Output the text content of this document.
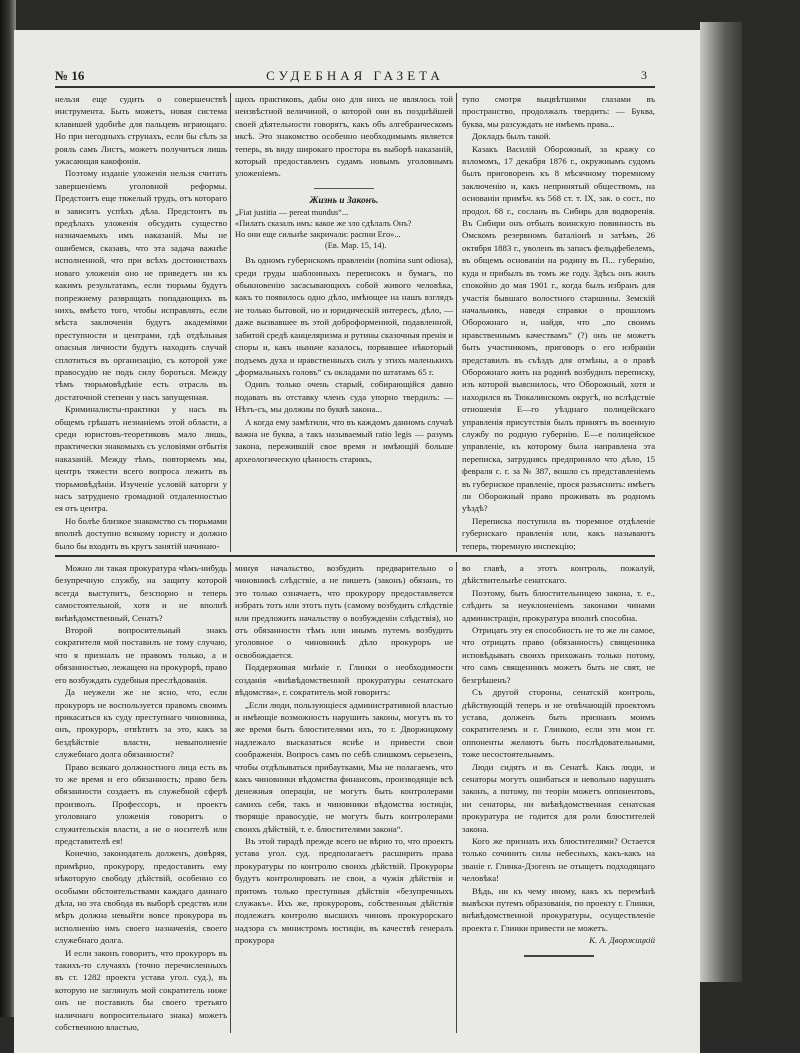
№ 16	СУДЕБНАЯ ГАЗЕТА	3

нельзя еще судить о совершенствѣ инструмента. Быть можетъ, новая система клавишей удобнѣе для пальцевъ играющаго. Но при негодныхъ струнахъ, если бы сѣлъ за рояль самъ Листъ, можетъ получиться лишь ужасающая какофонія.

Поэтому изданіе уложенія нельзя считать завершеніемъ уголовной реформы. Предстоитъ еще тяжелый трудъ, отъ котораго и зависитъ успѣхъ дѣла. Предстоитъ въ предѣлахъ уложенія обсудить существо назначаемыхъ имъ наказаній. Мы не ошибемся, сказавъ, что эта задача важнѣе исполненной, что при всѣхъ достоинствахъ новаго уложенія оно не приведетъ ни къ какимъ результатамъ, если тюрьмы будутъ попрежнему развращать попадающихъ въ нихъ, вмѣсто того, чтобы исправлять, если мѣста заключенія будутъ академіями преступности и центрами, гдѣ отдѣльныя опасныя личности будутъ находить случай сплотиться въ организацію, съ которой уже правосудію не подъ силу бороться. Между тѣмъ тюрьмовѣдѣніе есть отрасль въ достаточной степени у насъ запущенная.

Криминалисты-практики у насъ въ общемъ грѣшатъ незнаніемъ этой области, а среди юристовъ-теоретиковъ мало лишь, практически знакомыхъ съ условіями отбытія наказаній. Между тѣмъ, повторяемъ мы, центръ тяжести всего вопроса лежитъ въ тюрьмовѣдѣніи. Изученіе условій каторги у насъ затруднено громадной отдаленностью ея отъ центра.

Но болѣе близкое знакомство съ тюрьмами вполнѣ доступно всякому юристу и должно было бы входить въ кругъ занятій начинаю-

щихъ практиковъ, дабы оно для нихъ не являлось той неизвѣстной величиной, о которой они въ позднѣйшей своей дѣятельности говорятъ, какъ объ алгебраическомъ иксѣ. Это знакомство особенно необходимымъ является теперь, въ виду широкаго простора въ выборѣ наказаній, который предоставленъ судамъ новымъ уголовнымъ уложеніемъ.

Жизнь и Законъ.

„Fiat justitia — pereat mundus“...

«Пилатъ сказалъ имъ: какое же зло сдѣлалъ Онъ?

Но они еще сильнѣе закричали: распни Его»...

(Ев. Мар. 15, 14).

Въ одномъ губернскомъ правленіи (nomina sunt odiosa), среди груды шаблонныхъ переписокъ и бумагъ, по обыкновенію засасывающихъ собой живого человѣка, какъ то появилось одно дѣло, имѣющее на нашъ взглядъ не только бытовой, но и юридическій интересъ, дѣло, — даже вызвавшее въ этой доброформенной, подавленной, забитой средѣ канцеляризма и рутины сказочныя пренія и споры и, какъ ныньче казалось, порвавшее нѣкоторый подъемъ духа и нравственныхъ силъ у этихъ маленькихъ „формальныхъ головъ“ съ окладами по штатамъ 65 г.

Одинъ только очень старый, собирающійся давно подавать въ отставку членъ суда упорно твердилъ: — Нѣтъ-съ, мы должны по буквѣ закона...

А когда ему замѣтили, что въ каждомъ данномъ случаѣ важна не буква, а такъ называемый ratio legis — разумъ закона, пережившій свое время и имѣющій больше археологическую цѣнность старикъ,

тупо смотря выцвѣтшими глазами въ пространство, продолжалъ твердить: — Буква, буква, мы разсуждать не имѣемъ права...

Докладъ былъ такой.

Казакъ Василій Оборожный, за кражу со взломомъ, 17 декабря 1876 г., окружнымъ судомъ былъ приговоренъ къ 8 мѣсячному тюремному заключенію и, какъ непринятый обществомъ, на основаніи примѣч. къ 568 ст. т. IX, зак. о сост., по продол. 68 г., сосланъ въ Сибирь для водворенія. Въ Сибири онъ отбылъ воинскую повинность въ Омскомъ резервномъ баталіонѣ и затѣмъ, 26 октября 1883 г., уволенъ въ запасъ фельдфебелемъ, въ общемъ основаніи на родину въ П... губернію, куда и прибылъ въ томъ же году. Здѣсь онъ жилъ спокойно до мая 1901 г., когда былъ избранъ для участія бывшаго волостного старшины. Земскій начальникъ, наведя справки о прошломъ Оборожнаго и, найдя, что „по своимъ нравственнымъ качествамъ“ (?) онъ не можетъ быть участникомъ, приговоръ о его избраніи представилъ въ съѣздъ для отмѣны, а о правѣ Оборожнаго жить на родинѣ возбудилъ переписку, изъ которой выяснилось, что Оборожный, хотя и находился въ Тюкалинскомъ округѣ, но вслѣдствіе отношенія Е—го уѣзднаго полицейскаго управленія присутствія былъ принятъ въ военную службу по родную губернію. Е—е полицейское управленіе, къ которому была направлена эта переписка, затруднясь предприняло что дѣло, 15 февраля с. г. за № 387, вошло съ представленіемъ въ губернское правленіе, прося разъяснить: имѣетъ ли Оборожный право проживать въ родномъ уѣздѣ?

Переписка поступила въ тюремное отдѣленіе губернскаго правленія или, какъ называютъ теперь, тюремную инспекцію;

Можно ли такая прокуратура чѣмъ-нибудь безупречную службу, на защиту которой всегда выступитъ, безспорно и теперь самостоятельной, хотя и не вполнѣ внѣвѣдомственный, Сенатъ?

Второй вопросительный знакъ сократителя мой поставилъ не тому случаю, что я призналъ не правомъ только, а и обязанностью, лежащею на прокурорѣ, право его возбуждать судебныя преслѣдованія.

Да неужели же не ясно, что, если прокуроръ не воспользуется правомъ своимъ прикасаться къ суду преступнаго чиновника, онъ, прокуроръ, отвѣтитъ за это, какъ за бездѣйствіе власти, невыполненіе служебнаго долга обязанности?

Право всякаго должностного лица есть въ то же время и его обязанность; право безъ обязанности создаетъ въ служебной сферѣ произволъ. Профессоръ, и проектъ уголовнаго уложенія говоритъ о служительскія власти, а не о носителѣ или представителѣ ея!

Конечно, законодатель долженъ, довѣряя, примѣрно, прокурору, предоставить ему нѣкоторую свободу дѣйствій, особенно со особыми обстоятельствами каждаго даннаго дѣла, но эта свобода въ выборѣ средствъ или мѣръ должна невыйти вовсе прокурора въ исполненію имъ своего назначенія, своего служебнаго долга.

И если законъ говоритъ, что прокуроръ въ такихъ-то случаяхъ (точно перечисленныхъ въ ст. 1282 проекта устава угол. суд.), въ которую не заглянулъ мой сократитель ниже онъ не поставилъ бы своего третьяго наличнаго вопросительнаго знака) можетъ собственною властью,

минуя начальство, возбудить предварительно о чиновникѣ слѣдствіе, а не пишетъ (законъ) обязанъ, то это только означаетъ, что прокурору предоставляется избрать тотъ или этотъ путь (самому возбудить слѣдствіе или предложить начальству о возбужденіи слѣдствія), но отъ обязанности тѣмъ или инымъ путемъ возбудить уголовное о чиновникѣ дѣло прокуроръ не освобождается.

Поддерживая мнѣніе г. Глинки о необходимости созданія «внѣвѣдомственной прокуратуры сенатскаго вѣдомства», г. сократитель мой говоритъ:

„Если люди, пользующіеся административной властью и имѣющіе возможность нарушить законы, могутъ въ то же время быть блюстителями ихъ, то г. Дворжицкому надлежало высказаться яснѣе и привести свои соображенія. Вопросъ самъ по себѣ слишкомъ серьезенъ, чтобы отдѣлываться прибаутками, Мы не полагаемъ, что какъ чиновники вѣдомства финансовъ, производящіе всѣ денежныя операціи, не могутъ быть контролерами самихъ себя, такъ и чиновники вѣдомства юстиціи, творящіе правосудіе, не могутъ быть контролерами своихъ дѣйствій, т. е. блюстителями закона“.

Въ этой тирадѣ прежде всего не вѣрно то, что проектъ устава угол. суд. предполагаетъ расширить права прокуратуры по контролю своихъ дѣйствій. Прокуроры будутъ контролировать не свои, а чужія дѣйствія и притомъ только преступныя дѣйствія «безупречныхъ служакъ». Ихъ же, прокуроровъ, собственныя дѣйствія подлежатъ контролю высшихъ чиновъ прокурорскаго надзора съ министромъ юстиціи, въ качествѣ генералъ прокурора

во главѣ, а этотъ контроль, пожалуй, дѣйствительнѣе сенатскаго.

Поэтому, быть блюстительницею закона, т. е., слѣдить за неуклоненіемъ законами чинами администраціи, прокуратура вполнѣ способна.

Отрицать эту ея способность не то же ли самое, что отрицать право (обязанность) священника исповѣдывать своихъ прихожанъ только потому, что самъ священникъ можетъ быть не свят, не безгрѣшенъ?

Съ другой стороны, сенатскій контроль, дѣйствующій теперь и не отвѣчающій проектомъ устава, долженъ быть признанъ моимъ сократителемъ и г. Глинкою, если эти мои гг. оппоненты желаютъ быть послѣдовательными, тоже несостоятельнымъ.

Люди сидятъ и въ Сенатѣ. Какъ люди, и сенаторы могутъ ошибаться и невольно нарушать законъ, а потому, по теоріи можетъ оппонентовъ, ни сенаторы, ни внѣвѣдомственная сенатская прокуратура не годится для роли блюстителей закона.

Кого же признать ихъ блюстителями? Остается только сочинить силы небесныхъ, какъ-какъ на званіе г. Глинка-Дзогенъ не отыщетъ подходящаго человѣка!

Вѣдь, ни къ чему иному, какъ къ перемѣнѣ вывѣски путемъ образованія, по проекту г. Глинки, внѣвѣдомственной прокуратуры, осуществленіе проекта г. Глинки привести не можетъ.

К. А. Дворжицкій
